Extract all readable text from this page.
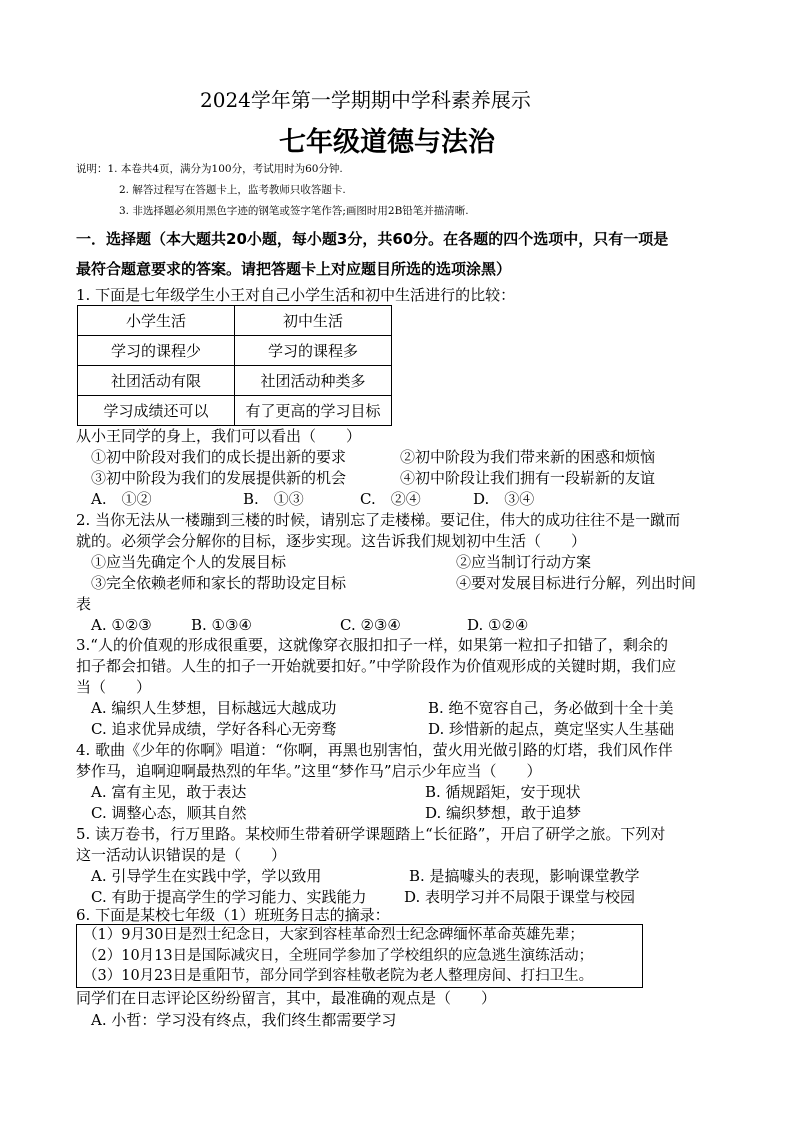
2024学年第一学期期中学科素养展示
七年级道德与法治
说明：1. 本卷共4页，满分为100分，考试用时为60分钟.
2. 解答过程写在答题卡上，监考教师只收答题卡.
3. 非选择题必须用黑色字迹的钢笔或签字笔作答;画图时用2B铅笔并描清晰.
一．选择题（本大题共20小题，每小题3分，共60分。在各题的四个选项中，只有一项是
最符合题意要求的答案。请把答题卡上对应题目所选的选项涂黑）
1. 下面是七年级学生小王对自己小学生活和初中生活进行的比较：
小学生活	初中生活
学习的课程少	学习的课程多
社团活动有限	社团活动种类多
学习成绩还可以	有了更高的学习目标
从小王同学的身上，我们可以看出（　　）
①初中阶段对我们的成长提出新的要求	②初中阶段为我们带来新的困惑和烦恼
③初中阶段为我们的发展提供新的机会	④初中阶段让我们拥有一段崭新的友谊
A.　①②	B.　①③	C.　②④	D.　③④
2. 当你无法从一楼蹦到三楼的时候，请别忘了走楼梯。要记住，伟大的成功往往不是一蹴而
就的。必须学会分解你的目标，逐步实现。这告诉我们规划初中生活（　　）
①应当先确定个人的发展目标	②应当制订行动方案
③完全依赖老师和家长的帮助设定目标	④要对发展目标进行分解，列出时间
表
A. ①②③	B. ①③④	C. ②③④	D. ①②④
3.“人的价值观的形成很重要，这就像穿衣服扣扣子一样，如果第一粒扣子扣错了，剩余的
扣子都会扣错。人生的扣子一开始就要扣好。”中学阶段作为价值观形成的关键时期，我们应
当（　　）
A. 编织人生梦想，目标越远大越成功	B. 绝不宽容自己，务必做到十全十美
C. 追求优异成绩，学好各科心无旁骛	D. 珍惜新的起点，奠定坚实人生基础
4. 歌曲《少年的你啊》唱道：“你啊，再黑也别害怕，萤火用光做引路的灯塔，我们风作伴
梦作马，追啊迎啊最热烈的年华。”这里“梦作马”启示少年应当（　　）
A. 富有主见，敢于表达	B. 循规蹈矩，安于现状
C. 调整心态，顺其自然	D. 编织梦想，敢于追梦
5. 读万卷书，行万里路。某校师生带着研学课题踏上“长征路”，开启了研学之旅。下列对
这一活动认识错误的是（　　）
A. 引导学生在实践中学，学以致用	B. 是搞噱头的表现，影响课堂教学
C. 有助于提高学生的学习能力、实践能力	D. 表明学习并不局限于课堂与校园
6. 下面是某校七年级（1）班班务日志的摘录：
（1）9月30日是烈士纪念日，大家到容桂革命烈士纪念碑缅怀革命英雄先辈；
（2）10月13日是国际减灾日，全班同学参加了学校组织的应急逃生演练活动；
（3）10月23日是重阳节，部分同学到容桂敬老院为老人整理房间、打扫卫生。
同学们在日志评论区纷纷留言，其中，最准确的观点是（　　）
A. 小哲：学习没有终点，我们终生都需要学习
